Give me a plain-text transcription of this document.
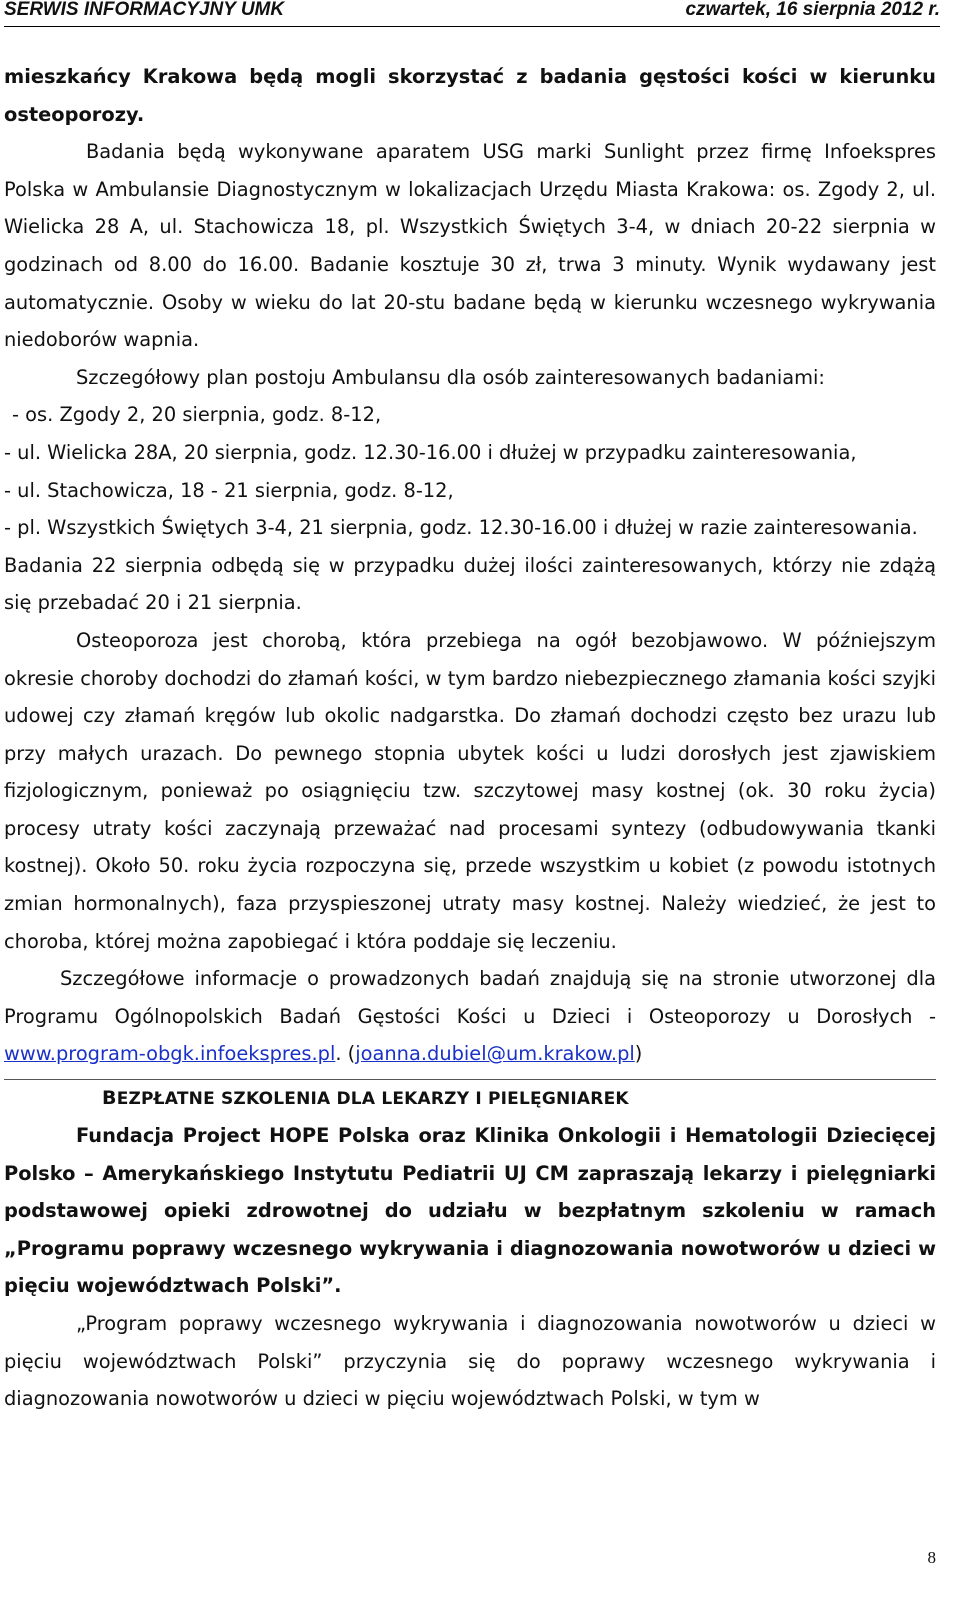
SERWIS INFORMACYJNY UMK	czwartek, 16 sierpnia 2012 r.

mieszkańcy Krakowa będą mogli skorzystać z badania gęstości kości w kierunku osteoporozy.

Badania będą wykonywane aparatem USG marki Sunlight przez firmę Infoekspres Polska w Ambulansie Diagnostycznym w lokalizacjach Urzędu Miasta Krakowa: os. Zgody 2, ul. Wielicka 28 A, ul. Stachowicza 18, pl. Wszystkich Świętych 3-4, w dniach 20-22 sierpnia w godzinach od 8.00 do 16.00. Badanie kosztuje 30 zł, trwa 3 minuty. Wynik wydawany jest automatycznie. Osoby w wieku do lat 20-stu badane będą w kierunku wczesnego wykrywania niedoborów wapnia.

Szczegółowy plan postoju Ambulansu dla osób zainteresowanych badaniami:

- os. Zgody 2, 20 sierpnia, godz. 8-12,

- ul. Wielicka 28A, 20 sierpnia, godz. 12.30-16.00 i dłużej w przypadku zainteresowania,

- ul. Stachowicza, 18 - 21 sierpnia, godz. 8-12,

- pl. Wszystkich Świętych 3-4, 21 sierpnia, godz. 12.30-16.00 i dłużej w razie zainteresowania.

Badania 22 sierpnia odbędą się w przypadku dużej ilości zainteresowanych, którzy nie zdążą się przebadać 20 i 21 sierpnia.

Osteoporoza jest chorobą, która przebiega na ogół bezobjawowo. W późniejszym okresie choroby dochodzi do złamań kości, w tym bardzo niebezpiecznego złamania kości szyjki udowej czy złamań kręgów lub okolic nadgarstka. Do złamań dochodzi często bez urazu lub przy małych urazach. Do pewnego stopnia ubytek kości u ludzi dorosłych jest zjawiskiem fizjologicznym, ponieważ po osiągnięciu tzw. szczytowej masy kostnej (ok. 30 roku życia) procesy utraty kości zaczynają przeważać nad procesami syntezy (odbudowywania tkanki kostnej). Około 50. roku życia rozpoczyna się, przede wszystkim u kobiet (z powodu istotnych zmian hormonalnych), faza przyspieszonej utraty masy kostnej. Należy wiedzieć, że jest to choroba, której można zapobiegać i która poddaje się leczeniu.

Szczegółowe informacje o prowadzonych badań znajdują się na stronie utworzonej dla Programu Ogólnopolskich Badań Gęstości Kości u Dzieci i Osteoporozy u Dorosłych - www.program-obgk.infoekspres.pl. (joanna.dubiel@um.krakow.pl)

BEZPŁATNE SZKOLENIA DLA LEKARZY I PIELĘGNIAREK

Fundacja Project HOPE Polska oraz Klinika Onkologii i Hematologii Dziecięcej Polsko – Amerykańskiego Instytutu Pediatrii UJ CM zapraszają lekarzy i pielęgniarki podstawowej opieki zdrowotnej do udziału w bezpłatnym szkoleniu w ramach „Programu poprawy wczesnego wykrywania i diagnozowania nowotworów u dzieci w pięciu województwach Polski”.

„Program poprawy wczesnego wykrywania i diagnozowania nowotworów u dzieci w pięciu województwach Polski” przyczynia się do poprawy wczesnego wykrywania i diagnozowania nowotworów u dzieci w pięciu województwach Polski, w tym w

8
